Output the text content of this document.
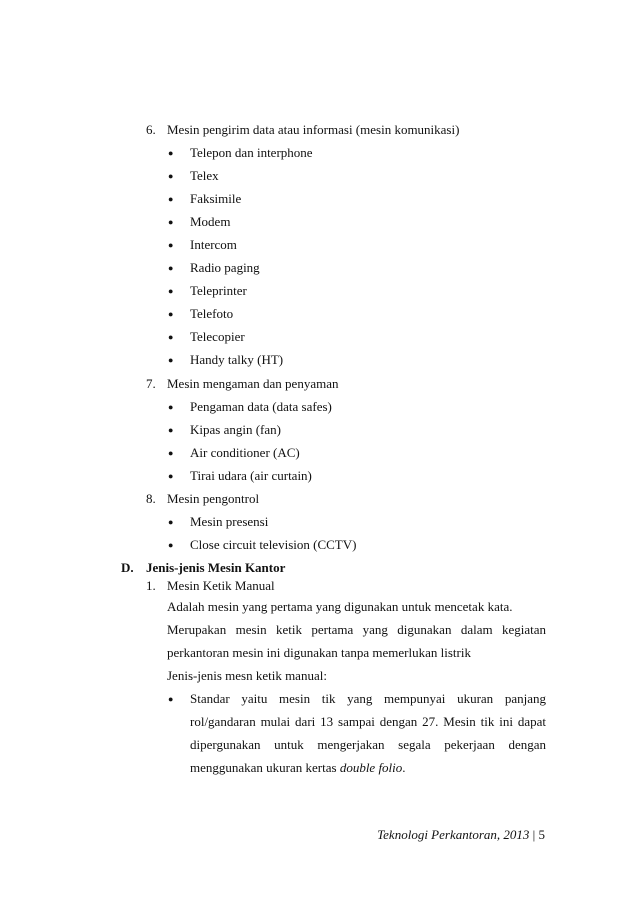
6. Mesin pengirim data atau informasi (mesin komunikasi)
● Telepon dan interphone
● Telex
● Faksimile
● Modem
● Intercom
● Radio paging
● Teleprinter
● Telefoto
● Telecopier
● Handy talky (HT)
7. Mesin mengaman dan penyaman
● Pengaman data (data safes)
● Kipas angin (fan)
● Air conditioner (AC)
● Tirai udara (air curtain)
8. Mesin pengontrol
● Mesin presensi
● Close circuit television (CCTV)
D. Jenis-jenis Mesin Kantor
1. Mesin Ketik Manual
Adalah mesin yang pertama yang digunakan untuk mencetak kata.
Merupakan mesin ketik pertama yang digunakan dalam kegiatan
perkantoran mesin ini digunakan tanpa memerlukan listrik
Jenis-jenis mesn ketik manual:
● Standar yaitu mesin tik yang mempunyai ukuran panjang
rol/gandaran mulai dari 13 sampai dengan 27. Mesin tik ini dapat
dipergunakan untuk mengerjakan segala pekerjaan dengan
menggunakan ukuran kertas double folio.
Teknologi Perkantoran, 2013 | 5
